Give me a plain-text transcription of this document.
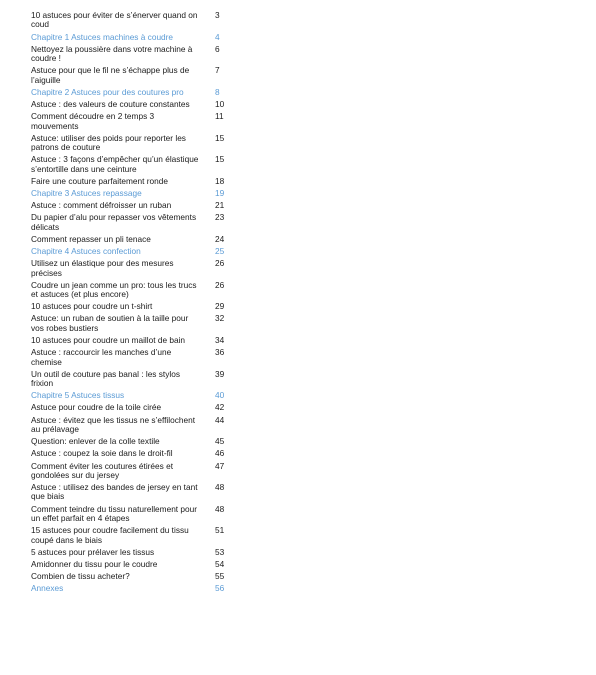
10 astuces pour éviter de s’énerver quand on coud
3
Chapitre 1 Astuces machines à coudre	4
Nettoyez la poussière dans votre machine à coudre !
6
Astuce pour que le fil ne s’échappe plus de l’aiguille
7
Chapitre 2 Astuces pour des coutures pro	8
Astuce : des valeurs de couture constantes	10
Comment découdre en 2 temps 3 mouvements
11
Astuce: utiliser des poids pour reporter les patrons de couture
15
Astuce : 3 façons d’empêcher qu’un élastique s’entortille dans une ceinture
15
Faire une couture parfaitement ronde	18
Chapitre 3 Astuces repassage	19
Astuce : comment défroisser un ruban	21
Du papier d’alu pour repasser vos vêtements délicats
23
Comment repasser un pli tenace	24
Chapitre 4 Astuces confection	25
Utilisez un élastique pour des mesures précises
26
Coudre un jean comme un pro: tous les trucs et astuces (et plus encore)
26
10 astuces pour coudre un t-shirt	29
Astuce: un ruban de soutien à la taille pour vos robes bustiers
32
10 astuces pour coudre un maillot de bain	34
Astuce : raccourcir les manches d’une chemise
36
Un outil de couture pas banal : les stylos frixion
39
Chapitre 5 Astuces tissus	40
Astuce pour coudre de la toile cirée	42
Astuce : évitez que les tissus ne s’effilochent au prélavage
44
Question: enlever de la colle textile	45
Astuce : coupez la soie dans le droit-fil	46
Comment éviter les coutures étirées et gondolées sur du jersey
47
Astuce : utilisez des bandes de jersey en tant que biais
48
Comment teindre du tissu naturellement pour un effet parfait en 4 étapes
48
15 astuces pour coudre facilement du tissu coupé dans le biais
51
5 astuces pour prélaver les tissus	53
Amidonner du tissu pour le coudre	54
Combien de tissu acheter?	55
Annexes	56
